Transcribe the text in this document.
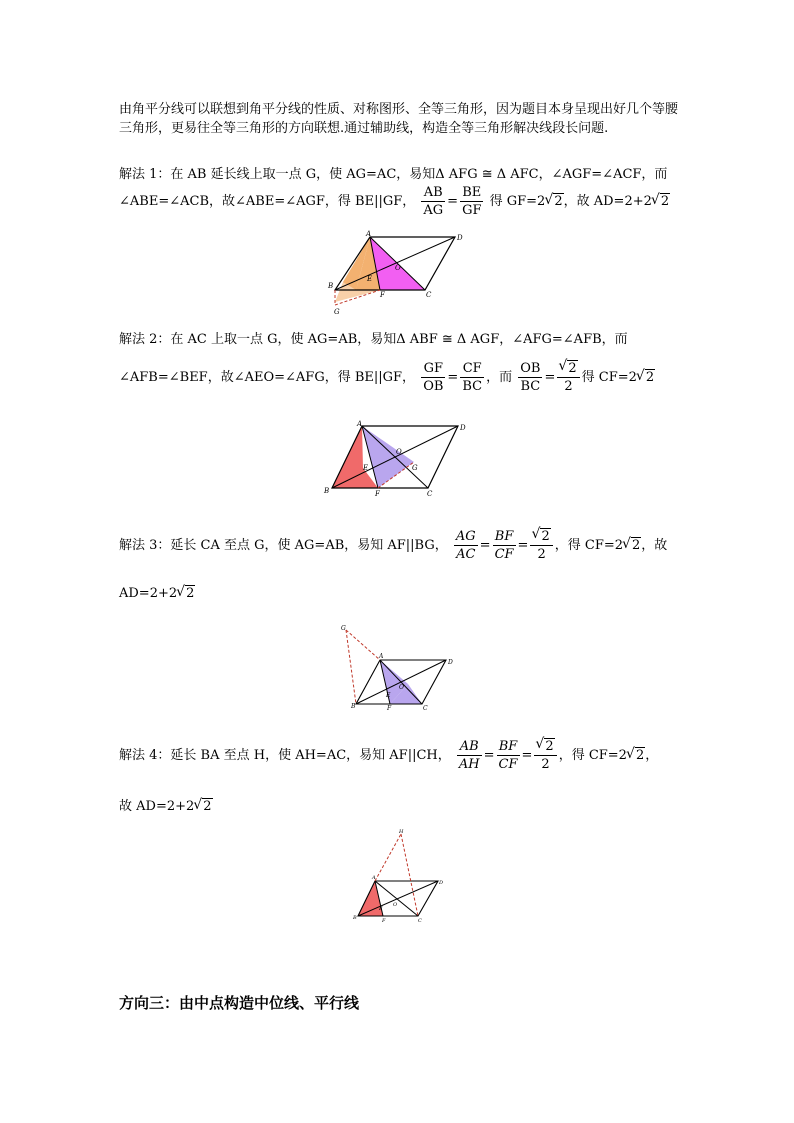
由角平分线可以联想到角平分线的性质、对称图形、全等三角形，因为题目本身呈现出好几个等腰三角形，更易往全等三角形的方向联想.通过辅助线，构造全等三角形解决线段长问题.
解法 1：在 AB 延长线上取一点 G，使 AG=AC，易知Δ AFG ≅ Δ AFC，∠AGF=∠ACF，而
∠ABE=∠ACB，故∠ABE=∠AGF，得 BE||GF， $\frac{AB}{AG} = \frac{BE}{GF}$ 得 GF=2 √ 2，故 AD=2+2 √ 2
A	D
B
C
F
E
O
G
解法 2：在 AC 上取一点 G，使 AG=AB，易知Δ ABF ≅ Δ AGF，∠AFG=∠AFB，而
∠AFB=∠BEF，故∠AEO=∠AFG，得 BE||GF， $\frac{GF}{OB} = \frac{CF}{BC}$ ，而 $\frac{OB}{BC}$ = √ $\frac{2}{2}$ 得 CF=2 √ 2
A	D
B	C
F
E
O
G
解法 3：延长 CA 至点 G，使 AG=AB，易知 AF||BG， $\frac{AG}{AC} = \frac{BF}{CF}$ = √ $\frac{2}{2}$ ，得 CF=2 √ 2，故
AD=2+2 √ 2
G
A
D
B	C
F
E
O
解法 4：延长 BA 至点 H，使 AH=AC，易知 AF||CH， $\frac{AB}{AH} = \frac{BF}{CF}$ = √ $\frac{2}{2}$ ，得 CF=2 √ 2，
故 AD=2+2 √ 2
H
A
D
B	C
F
E
O
方向三：由中点构造中位线、平行线
